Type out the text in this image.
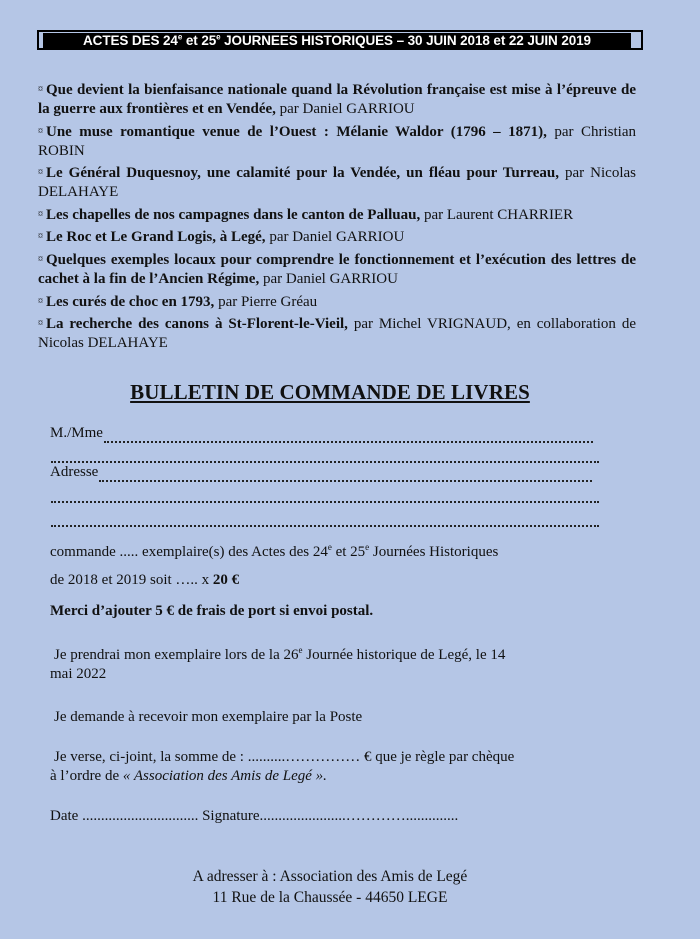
ACTES DES 24e et 25e JOURNEES HISTORIQUES – 30 JUIN 2018 et 22 JUIN 2019
¤ Que devient la bienfaisance nationale quand la Révolution française est mise à l’épreuve de la guerre aux frontières et en Vendée, par Daniel GARRIOU
¤ Une muse romantique venue de l’Ouest : Mélanie Waldor (1796 – 1871), par Christian ROBIN
¤ Le Général Duquesnoy, une calamité pour la Vendée, un fléau pour Turreau, par Nicolas DELAHAYE
¤ Les chapelles de nos campagnes dans le canton de Palluau, par Laurent CHARRIER
¤ Le Roc et Le Grand Logis, à Legé, par Daniel GARRIOU
¤ Quelques exemples locaux pour comprendre le fonctionnement et l’exécution des lettres de cachet à la fin de l’Ancien Régime, par Daniel GARRIOU
¤ Les curés de choc en 1793, par Pierre Gréau
¤ La recherche des canons à St-Florent-le-Vieil, par Michel VRIGNAUD, en collaboration de Nicolas DELAHAYE
BULLETIN DE COMMANDE DE LIVRES
M./Mme
Adresse
commande ..... exemplaire(s) des Actes des 24e et 25e Journées Historiques
de 2018 et 2019 soit ….. x 20 €
Merci d’ajouter 5 € de frais de port si envoi postal.
Je prendrai mon exemplaire lors de la 26e Journée historique de Legé, le 14
mai 2022
Je demande à recevoir mon exemplaire par la Poste
Je verse, ci-joint, la somme de : ..........…………… € que je règle par chèque
à l’ordre de « Association des Amis de Legé ».
Date ............................... Signature.......................…………..............
A adresser à : Association des Amis de Legé
11 Rue de la Chaussée - 44650 LEGE
